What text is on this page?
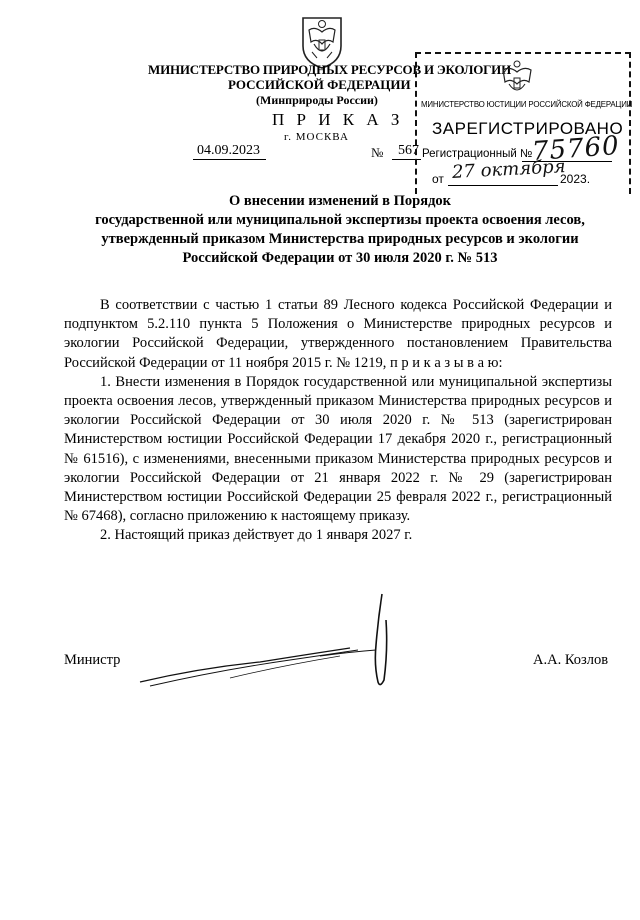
МИНИСТЕРСТВО ПРИРОДНЫХ РЕСУРСОВ И ЭКОЛОГИИ
РОССИЙСКОЙ ФЕДЕРАЦИИ
(Минприроды России)
П Р И К А З
г. МОСКВА
04.09.2023	№	567
МИНИСТЕРСТВО ЮСТИЦИИ РОССИЙСКОЙ ФЕДЕРАЦИИ
ЗАРЕГИСТРИРОВАНО
Регистрационный №
75760
от 27 октября
2023.
О внесении изменений в Порядок
государственной или муниципальной экспертизы проекта освоения лесов,
утвержденный приказом Министерства природных ресурсов и экологии
Российской Федерации от 30 июля 2020 г. № 513

В соответствии с частью 1 статьи 89 Лесного кодекса Российской Федерации и подпунктом 5.2.110 пункта 5 Положения о Министерстве природных ресурсов и экологии Российской Федерации, утвержденного постановлением Правительства Российской Федерации от 11 ноября 2015 г. № 1219, п р и к а з ы в а ю:

1. Внести изменения в Порядок государственной или муниципальной экспертизы проекта освоения лесов, утвержденный приказом Министерства природных ресурсов и экологии Российской Федерации от 30 июля 2020 г. № 513 (зарегистрирован Министерством юстиции Российской Федерации 17 декабря 2020 г., регистрационный № 61516), с изменениями, внесенными приказом Министерства природных ресурсов и экологии Российской Федерации от 21 января 2022 г. № 29 (зарегистрирован Министерством юстиции Российской Федерации 25 февраля 2022 г., регистрационный № 67468), согласно приложению к настоящему приказу.

2. Настоящий приказ действует до 1 января 2027 г.

Министр	А.А. Козлов
